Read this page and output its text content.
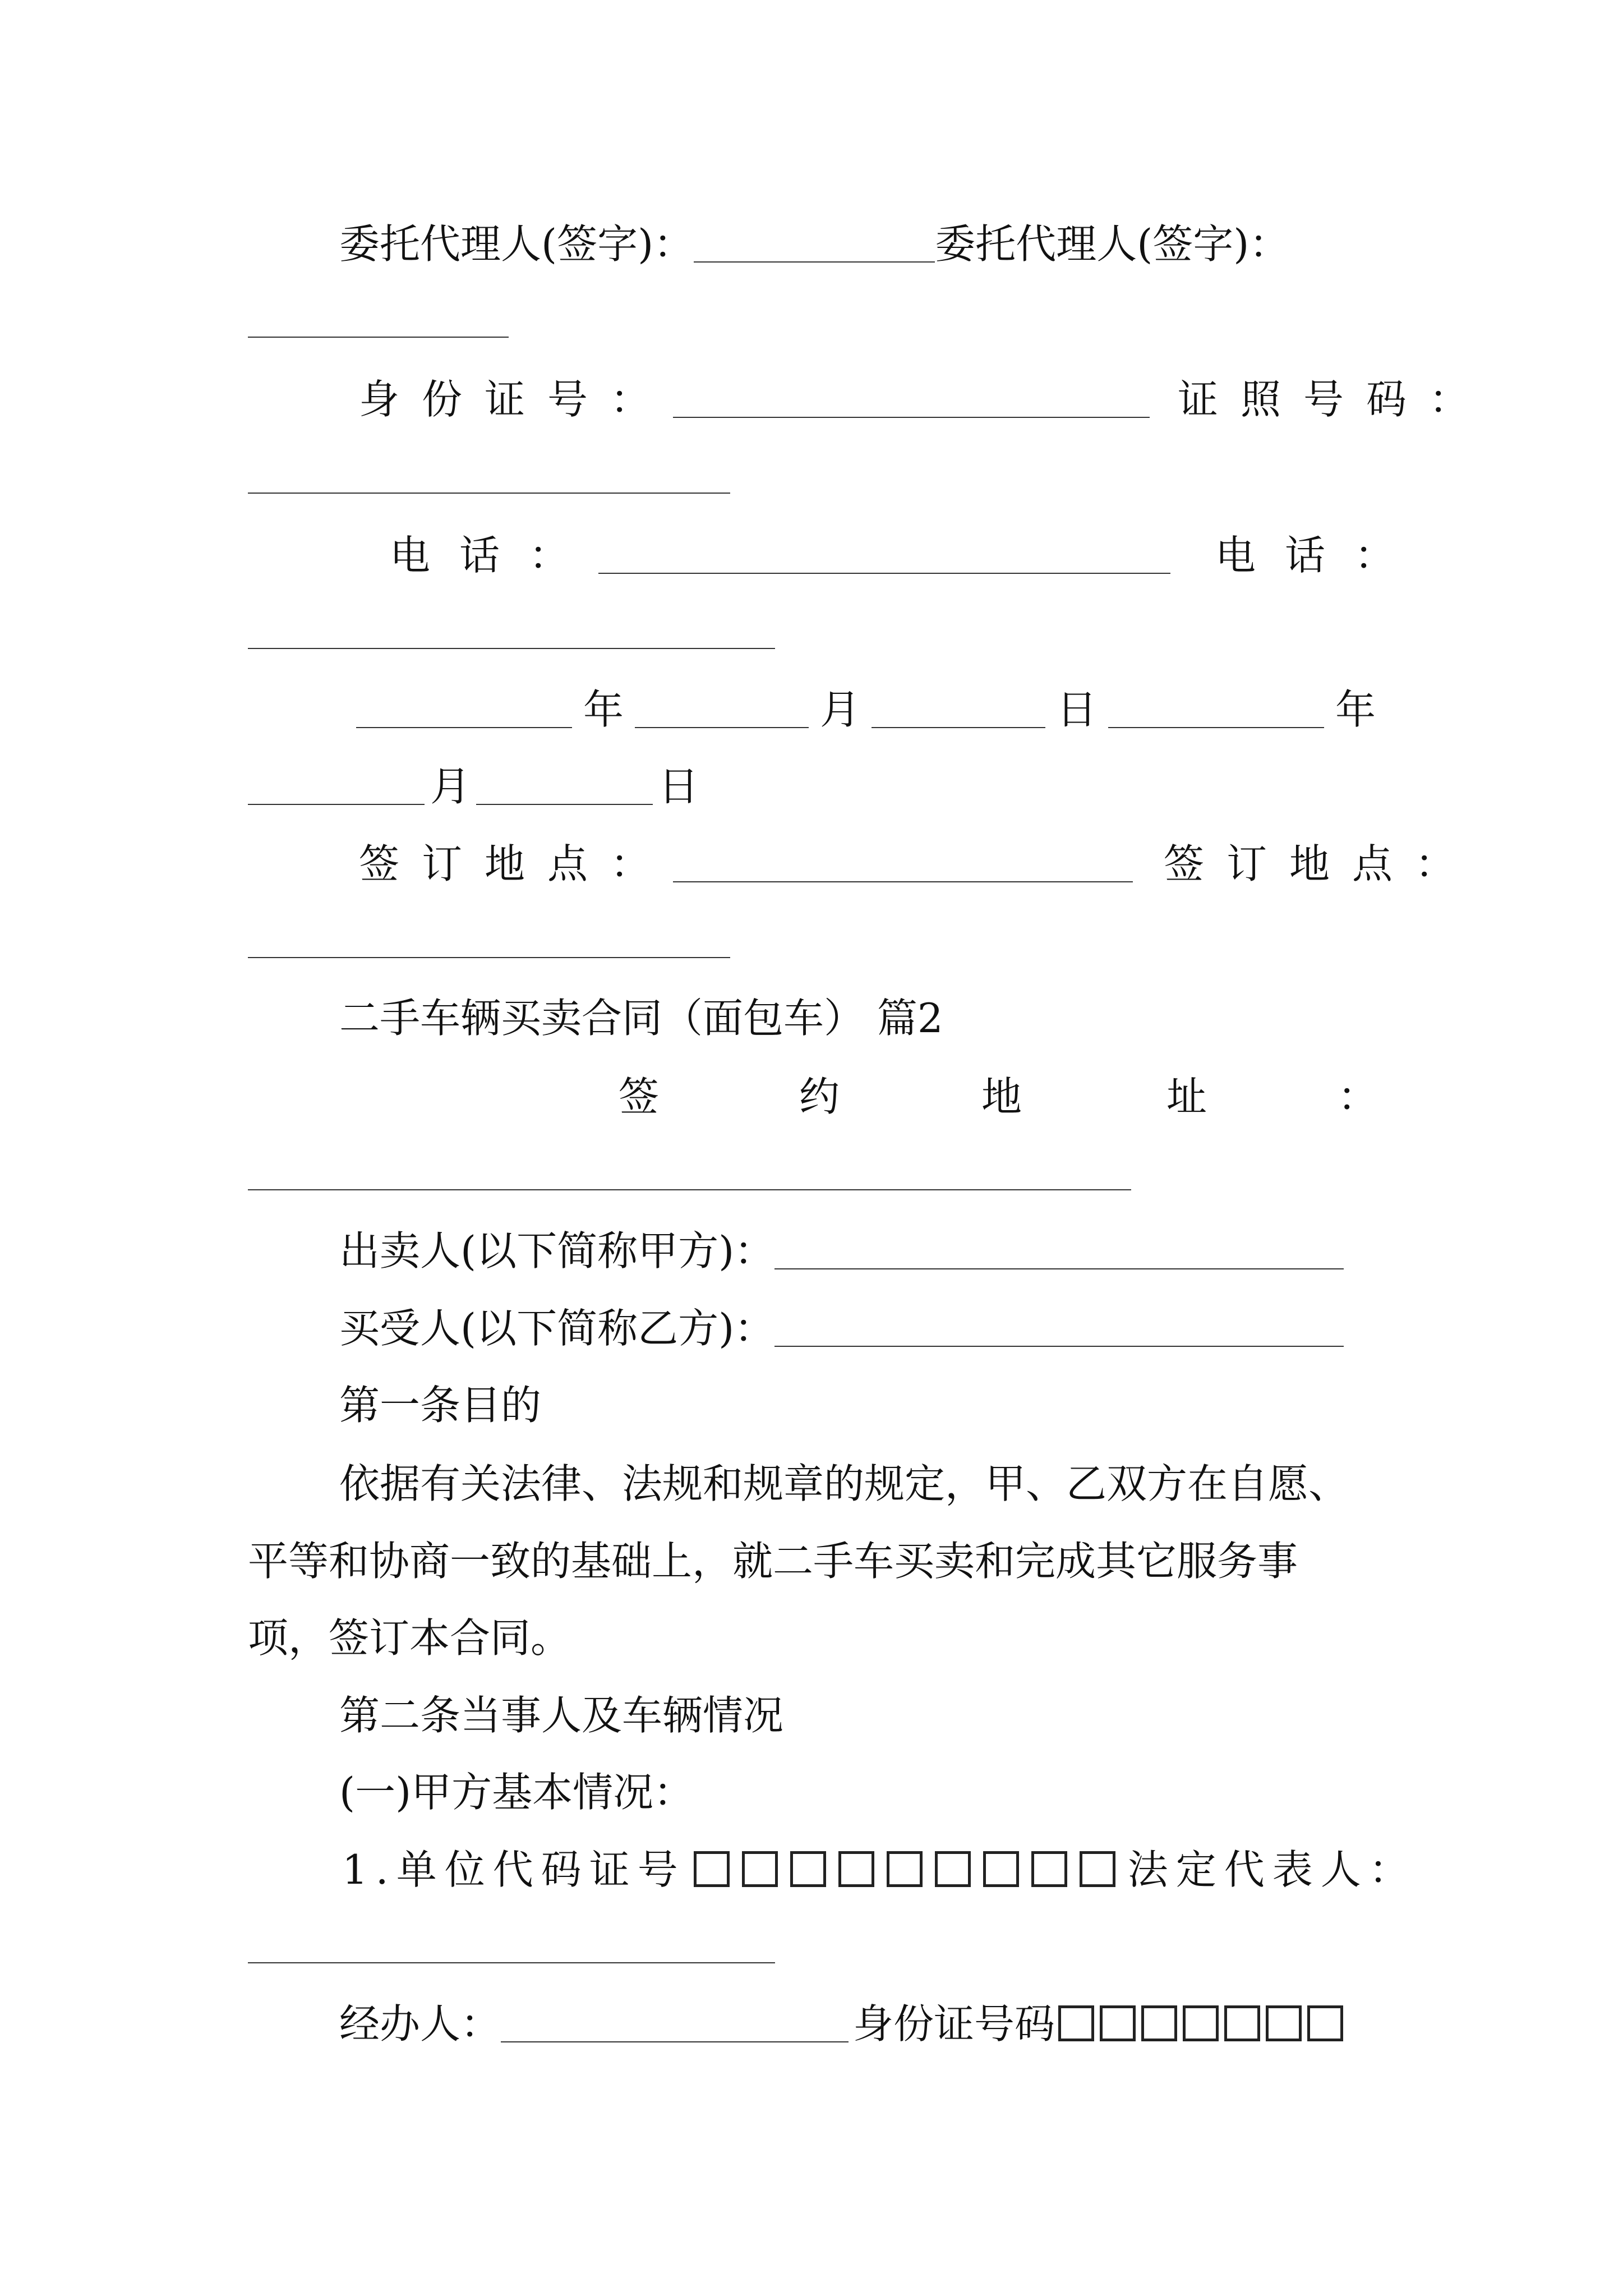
委托代理人(签字)：	委托代理人(签字)：
身份证号：	证照号码：
电话：	电话：
年	月	日	年
月	日
签订地点：	签订地点：
二手车辆买卖合同（面包车） 篇2
签	约	地	址	：
出卖人(以下简称甲方)：
买受人(以下简称乙方)：
第一条目的
依据有关法律、法规和规章的规定，甲、乙双方在自愿、
平等和协商一致的基础上，就二手车买卖和完成其它服务事
项，签订本合同。
第二条当事人及车辆情况
(一)甲方基本情况：
1.单位代码证号	法定代表人：
经办人：	身份证号码
